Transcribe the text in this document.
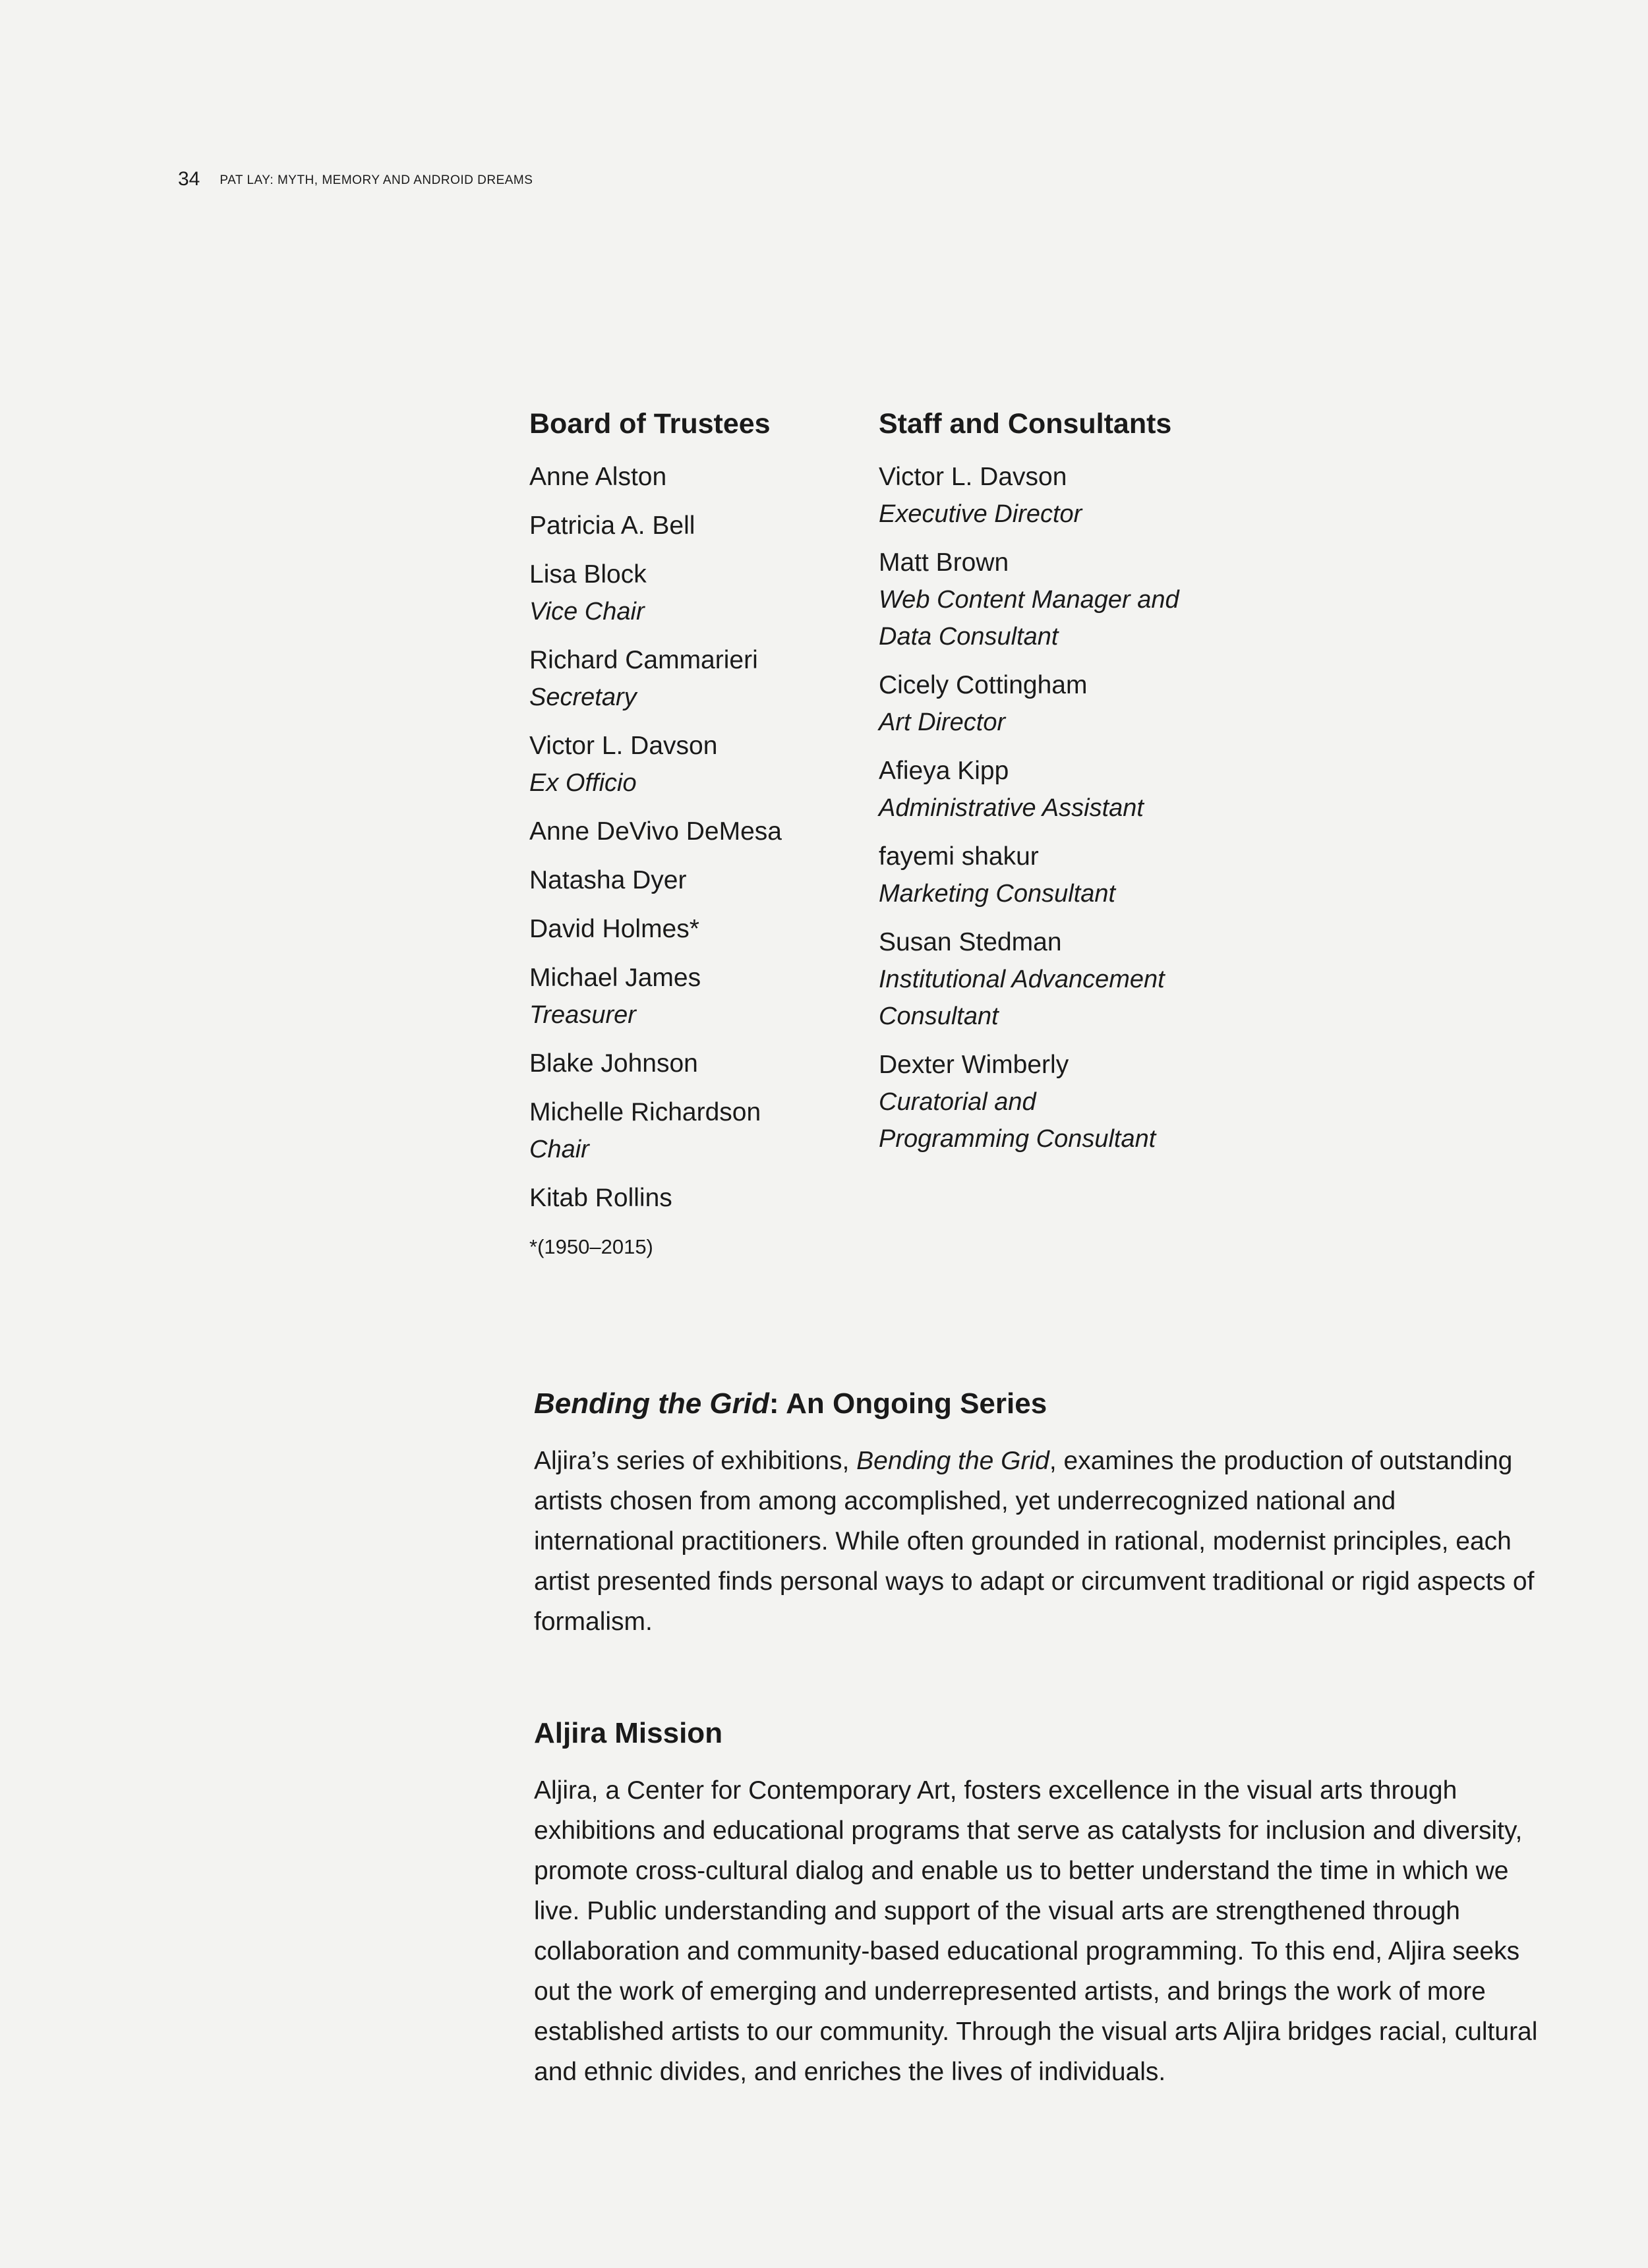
34 PAT LAY: MYTH, MEMORY AND ANDROID DREAMS
Board of Trustees
Anne Alston
Patricia A. Bell
Lisa Block
Vice Chair
Richard Cammarieri
Secretary
Victor L. Davson
Ex Officio
Anne DeVivo DeMesa
Natasha Dyer
David Holmes*
Michael James
Treasurer
Blake Johnson
Michelle Richardson
Chair
Kitab Rollins
*(1950–2015)
Staff and Consultants
Victor L. Davson
Executive Director
Matt Brown
Web Content Manager and
Data Consultant
Cicely Cottingham
Art Director
Afieya Kipp
Administrative Assistant
fayemi shakur
Marketing Consultant
Susan Stedman
Institutional Advancement
Consultant
Dexter Wimberly
Curatorial and
Programming Consultant
Bending the Grid: An Ongoing Series

Aljira’s series of exhibitions, Bending the Grid, examines the production of outstanding artists chosen from among accomplished, yet underrecognized national and international practitioners. While often grounded in rational, modernist principles, each artist presented finds personal ways to adapt or circumvent traditional or rigid aspects of formalism.

Aljira Mission

Aljira, a Center for Contemporary Art, fosters excellence in the visual arts through exhibitions and educational programs that serve as catalysts for inclusion and diversity, promote cross-cultural dialog and enable us to better understand the time in which we live. Public understanding and support of the visual arts are strengthened through collaboration and community-based educational programming. To this end, Aljira seeks out the work of emerging and underrepresented artists, and brings the work of more established artists to our community. Through the visual arts Aljira bridges racial, cultural and ethnic divides, and enriches the lives of individuals.
